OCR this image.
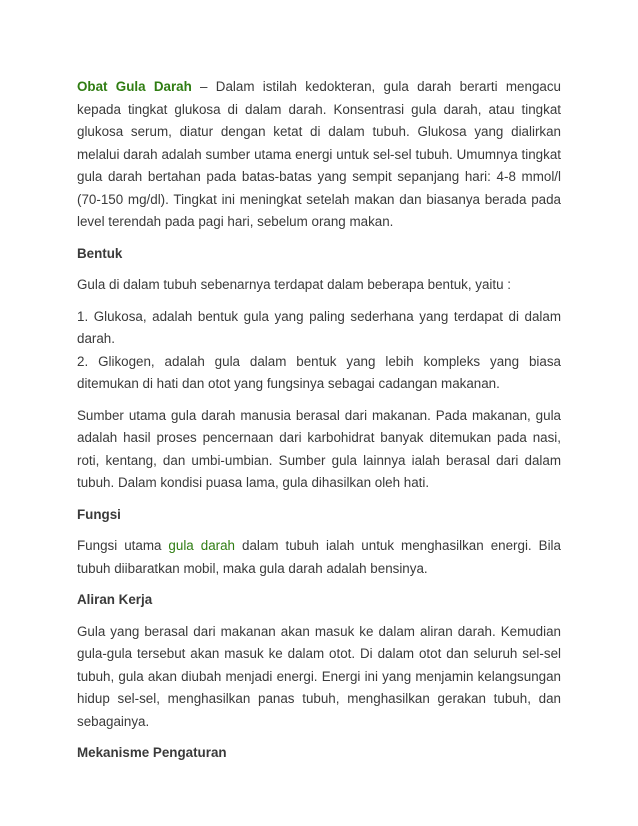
Obat Gula Darah – Dalam istilah kedokteran, gula darah berarti mengacu kepada tingkat glukosa di dalam darah. Konsentrasi gula darah, atau tingkat glukosa serum, diatur dengan ketat di dalam tubuh. Glukosa yang dialirkan melalui darah adalah sumber utama energi untuk sel-sel tubuh. Umumnya tingkat gula darah bertahan pada batas-batas yang sempit sepanjang hari: 4-8 mmol/l (70-150 mg/dl). Tingkat ini meningkat setelah makan dan biasanya berada pada level terendah pada pagi hari, sebelum orang makan.

Bentuk

Gula di dalam tubuh sebenarnya terdapat dalam beberapa bentuk, yaitu :

1. Glukosa, adalah bentuk gula yang paling sederhana yang terdapat di dalam darah.
2. Glikogen, adalah gula dalam bentuk yang lebih kompleks yang biasa ditemukan di hati dan otot yang fungsinya sebagai cadangan makanan.

Sumber utama gula darah manusia berasal dari makanan. Pada makanan, gula adalah hasil proses pencernaan dari karbohidrat banyak ditemukan pada nasi, roti, kentang, dan umbi-umbian. Sumber gula lainnya ialah berasal dari dalam tubuh. Dalam kondisi puasa lama, gula dihasilkan oleh hati.

Fungsi

Fungsi utama gula darah dalam tubuh ialah untuk menghasilkan energi. Bila tubuh diibaratkan mobil, maka gula darah adalah bensinya.

Aliran Kerja

Gula yang berasal dari makanan akan masuk ke dalam aliran darah. Kemudian gula-gula tersebut akan masuk ke dalam otot. Di dalam otot dan seluruh sel-sel tubuh, gula akan diubah menjadi energi. Energi ini yang menjamin kelangsungan hidup sel-sel, menghasilkan panas tubuh, menghasilkan gerakan tubuh, dan sebagainya.

Mekanisme Pengaturan
